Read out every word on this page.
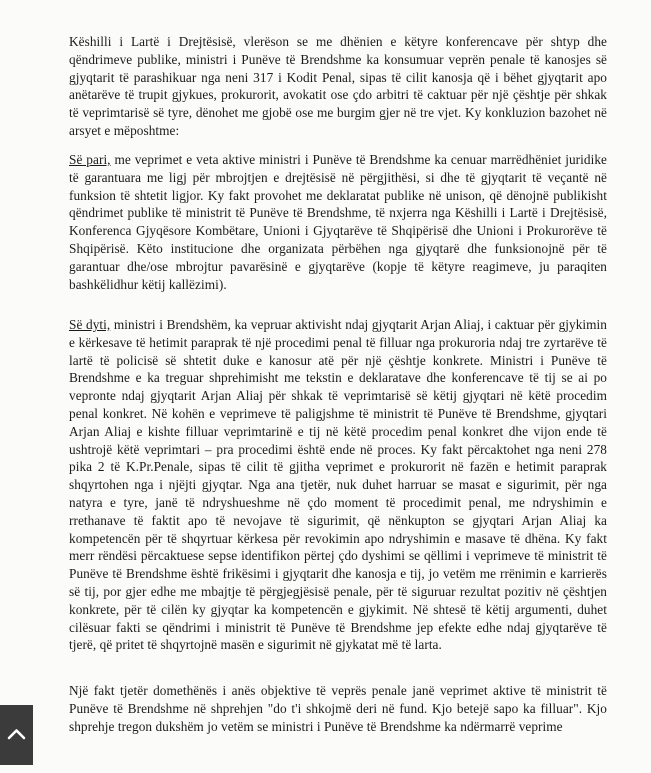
Këshilli i Lartë i Drejtësisë, vlerëson se me dhënien e këtyre konferencave për shtyp dhe qëndrimeve publike, ministri i Punëve të Brendshme ka konsumuar veprën penale të kanosjes së gjyqtarit të parashikuar nga neni 317 i Kodit Penal, sipas të cilit kanosja që i bëhet gjyqtarit apo anëtarëve të trupit gjykues, prokurorit, avokatit ose çdo arbitri të caktuar për një çështje për shkak të veprimtarisë së tyre, dënohet me gjobë ose me burgim gjer në tre vjet. Ky konkluzion bazohet në arsyet e mëposhtme:
Së pari, me veprimet e veta aktive ministri i Punëve të Brendshme ka cenuar marrëdhëniet juridike të garantuara me ligj për mbrojtjen e drejtësisë në përgjithësi, si dhe të gjyqtarit të veçantë në funksion të shtetit ligjor. Ky fakt provohet me deklaratat publike në unison, që dënojnë publikisht qëndrimet publike të ministrit të Punëve të Brendshme, të nxjerra nga Këshilli i Lartë i Drejtësisë, Konferenca Gjyqësore Kombëtare, Unioni i Gjyqtarëve të Shqipërisë dhe Unioni i Prokurorëve të Shqipërisë. Këto institucione dhe organizata përbëhen nga gjyqtarë dhe funksionojnë për të garantuar dhe/ose mbrojtur pavarësinë e gjyqtarëve (kopje të këtyre reagimeve, ju paraqiten bashkëlidhur këtij kallëzimi).
Së dyti, ministri i Brendshëm, ka vepruar aktivisht ndaj gjyqtarit Arjan Aliaj, i caktuar për gjykimin e kërkesave të hetimit paraprak të një procedimi penal të filluar nga prokuroria ndaj tre zyrtarëve të lartë të policisë së shtetit duke e kanosur atë për një çështje konkrete. Ministri i Punëve të Brendshme e ka treguar shprehimisht me tekstin e deklaratave dhe konferencave të tij se ai po vepronte ndaj gjyqtarit Arjan Aliaj për shkak të veprimtarisë së këtij gjyqtari në këtë procedim penal konkret. Në kohën e veprimeve të paligjshme të ministrit të Punëve të Brendshme, gjyqtari Arjan Aliaj e kishte filluar veprimtarinë e tij në këtë procedim penal konkret dhe vijon ende të ushtrojë këtë veprimtari – pra procedimi është ende në proces. Ky fakt përcaktohet nga neni 278 pika 2 të K.Pr.Penale, sipas të cilit të gjitha veprimet e prokurorit në fazën e hetimit paraprak shqyrtohen nga i njëjti gjyqtar. Nga ana tjetër, nuk duhet harruar se masat e sigurimit, për nga natyra e tyre, janë të ndryshueshme në çdo moment të procedimit penal, me ndryshimin e rrethanave të faktit apo të nevojave të sigurimit, që nënkupton se gjyqtari Arjan Aliaj ka kompetencën për të shqyrtuar kërkesa për revokimin apo ndryshimin e masave të dhëna. Ky fakt merr rëndësi përcaktuese sepse identifikon përtej çdo dyshimi se qëllimi i veprimeve të ministrit të Punëve të Brendshme është frikësimi i gjyqtarit dhe kanosja e tij, jo vetëm me rrënimin e karrierës së tij, por gjer edhe me mbajtje të përgjegjësisë penale, për të siguruar rezultat pozitiv në çështjen konkrete, për të cilën ky gjyqtar ka kompetencën e gjykimit. Në shtesë të këtij argumenti, duhet cilësuar fakti se qëndrimi i ministrit të Punëve të Brendshme jep efekte edhe ndaj gjyqtarëve të tjerë, që pritet të shqyrtojnë masën e sigurimit në gjykatat më të larta.
Një fakt tjetër domethënës i anës objektive të veprës penale janë veprimet aktive të ministrit të Punëve të Brendshme në shprehjen "do t'i shkojmë deri në fund. Kjo betejë sapo ka filluar". Kjo shprehje tregon dukshëm jo vetëm se ministri i Punëve të Brendshme ka ndërmarrë veprime
